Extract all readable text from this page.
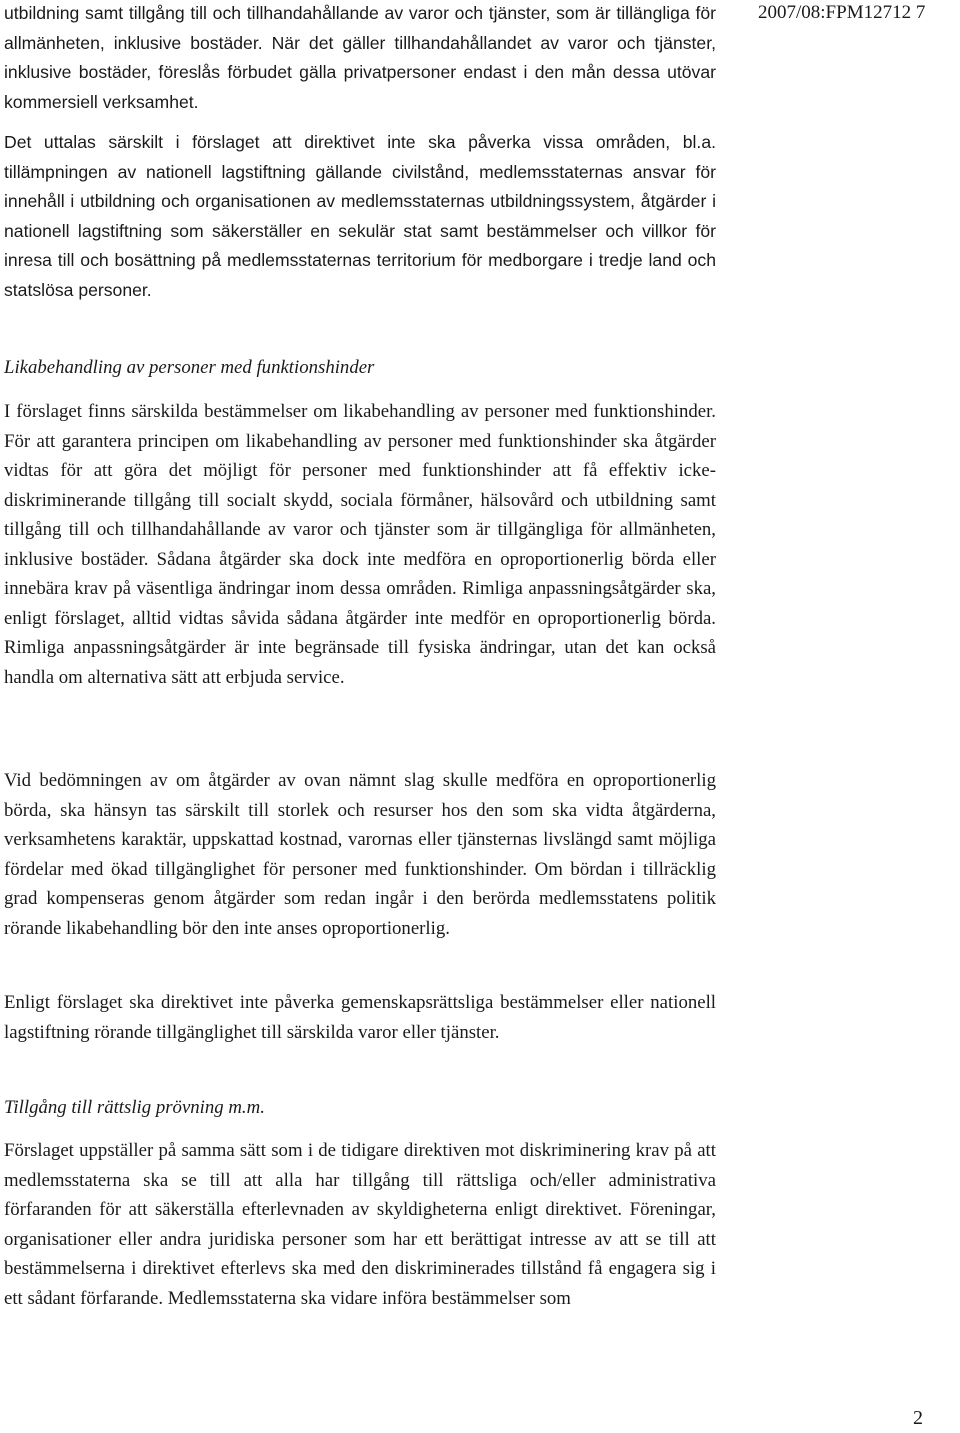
2007/08:FPM12712 7

utbildning samt tillgång till och tillhandahållande av varor och tjänster, som är tillängliga för allmänheten, inklusive bostäder. När det gäller tillhandahållandet av varor och tjänster, inklusive bostäder, föreslås förbudet gälla privatpersoner endast i den mån dessa utövar kommersiell verksamhet.

Det uttalas särskilt i förslaget att direktivet inte ska påverka vissa områden, bl.a. tillämpningen av nationell lagstiftning gällande civilstånd, medlemsstaternas ansvar för innehåll i utbildning och organisationen av medlemsstaternas utbildningssystem, åtgärder i nationell lagstiftning som säkerställer en sekulär stat samt bestämmelser och villkor för inresa till och bosättning på medlemsstaternas territorium för medborgare i tredje land och statslösa personer.

Likabehandling av personer med funktionshinder

I förslaget finns särskilda bestämmelser om likabehandling av personer med funktionshinder. För att garantera principen om likabehandling av personer med funktionshinder ska åtgärder vidtas för att göra det möjligt för personer med funktionshinder att få effektiv icke-diskriminerande tillgång till socialt skydd, sociala förmåner, hälsovård och utbildning samt tillgång till och tillhandahållande av varor och tjänster som är tillgängliga för allmänheten, inklusive bostäder. Sådana åtgärder ska dock inte medföra en oproportionerlig börda eller innebära krav på väsentliga ändringar inom dessa områden. Rimliga anpassningsåtgärder ska, enligt förslaget, alltid vidtas såvida sådana åtgärder inte medför en oproportionerlig börda. Rimliga anpassningsåtgärder är inte begränsade till fysiska ändringar, utan det kan också handla om alternativa sätt att erbjuda service.

Vid bedömningen av om åtgärder av ovan nämnt slag skulle medföra en oproportionerlig börda, ska hänsyn tas särskilt till storlek och resurser hos den som ska vidta åtgärderna, verksamhetens karaktär, uppskattad kostnad, varornas eller tjänsternas livslängd samt möjliga fördelar med ökad tillgänglighet för personer med funktionshinder. Om bördan i tillräcklig grad kompenseras genom åtgärder som redan ingår i den berörda medlemsstatens politik rörande likabehandling bör den inte anses oproportionerlig.

Enligt förslaget ska direktivet inte påverka gemenskapsrättsliga bestämmelser eller nationell lagstiftning rörande tillgänglighet till särskilda varor eller tjänster.

Tillgång till rättslig prövning m.m.

Förslaget uppställer på samma sätt som i de tidigare direktiven mot diskriminering krav på att medlemsstaterna ska se till att alla har tillgång till rättsliga och/eller administrativa förfaranden för att säkerställa efterlevnaden av skyldigheterna enligt direktivet. Föreningar, organisationer eller andra juridiska personer som har ett berättigat intresse av att se till att bestämmelserna i direktivet efterlevs ska med den diskriminerades tillstånd få engagera sig i ett sådant förfarande. Medlemsstaterna ska vidare införa bestämmelser som

2
